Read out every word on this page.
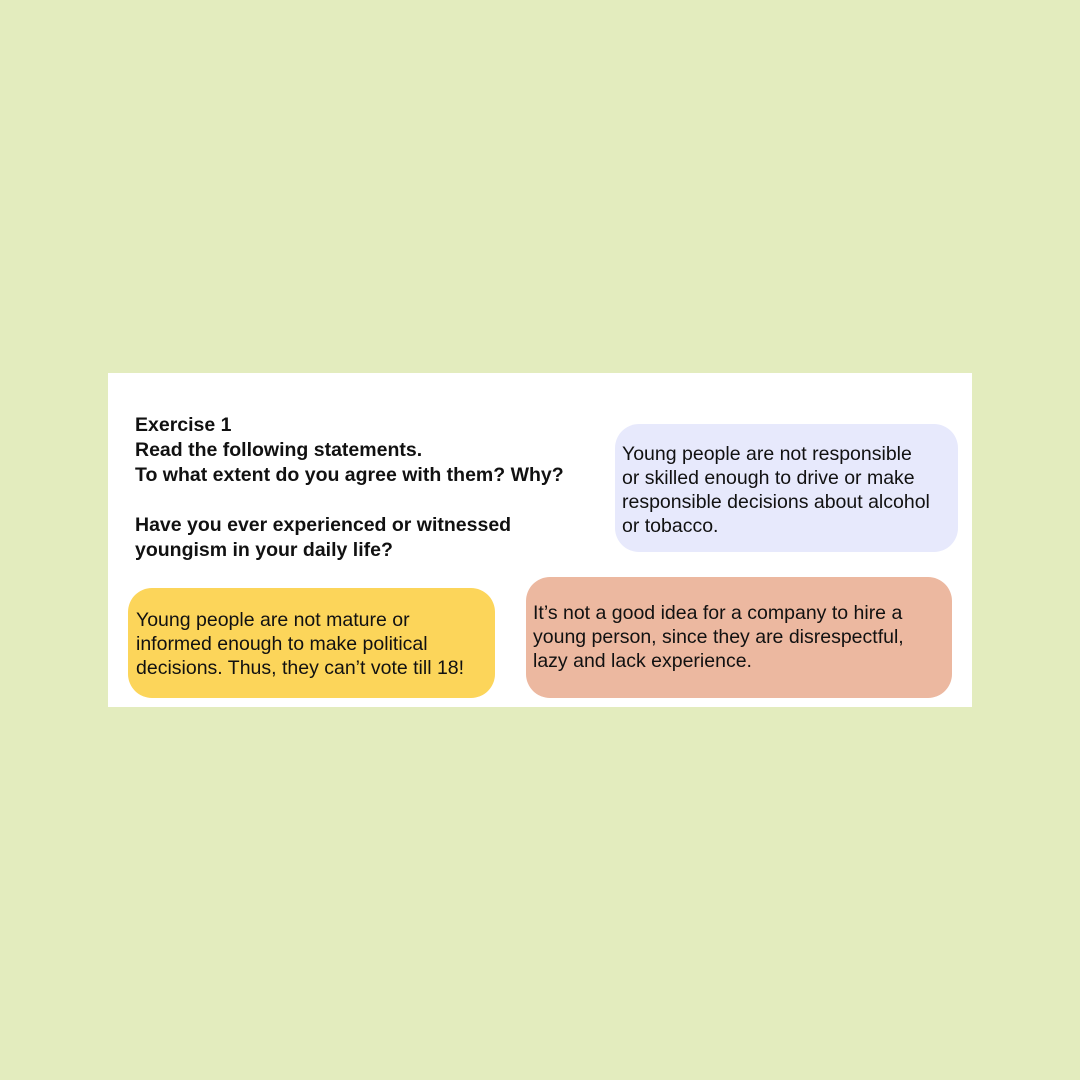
Exercise 1
Read the following statements.
To what extent do you agree with them? Why?
Have you ever experienced or witnessed
youngism in your daily life?
Young people are not responsible
or skilled enough to drive or make
responsible decisions about alcohol
or tobacco.
Young people are not mature or
informed enough to make political
decisions. Thus, they can’t vote till 18!
It’s not a good idea for a company to hire a
young person, since they are disrespectful,
lazy and lack experience.
